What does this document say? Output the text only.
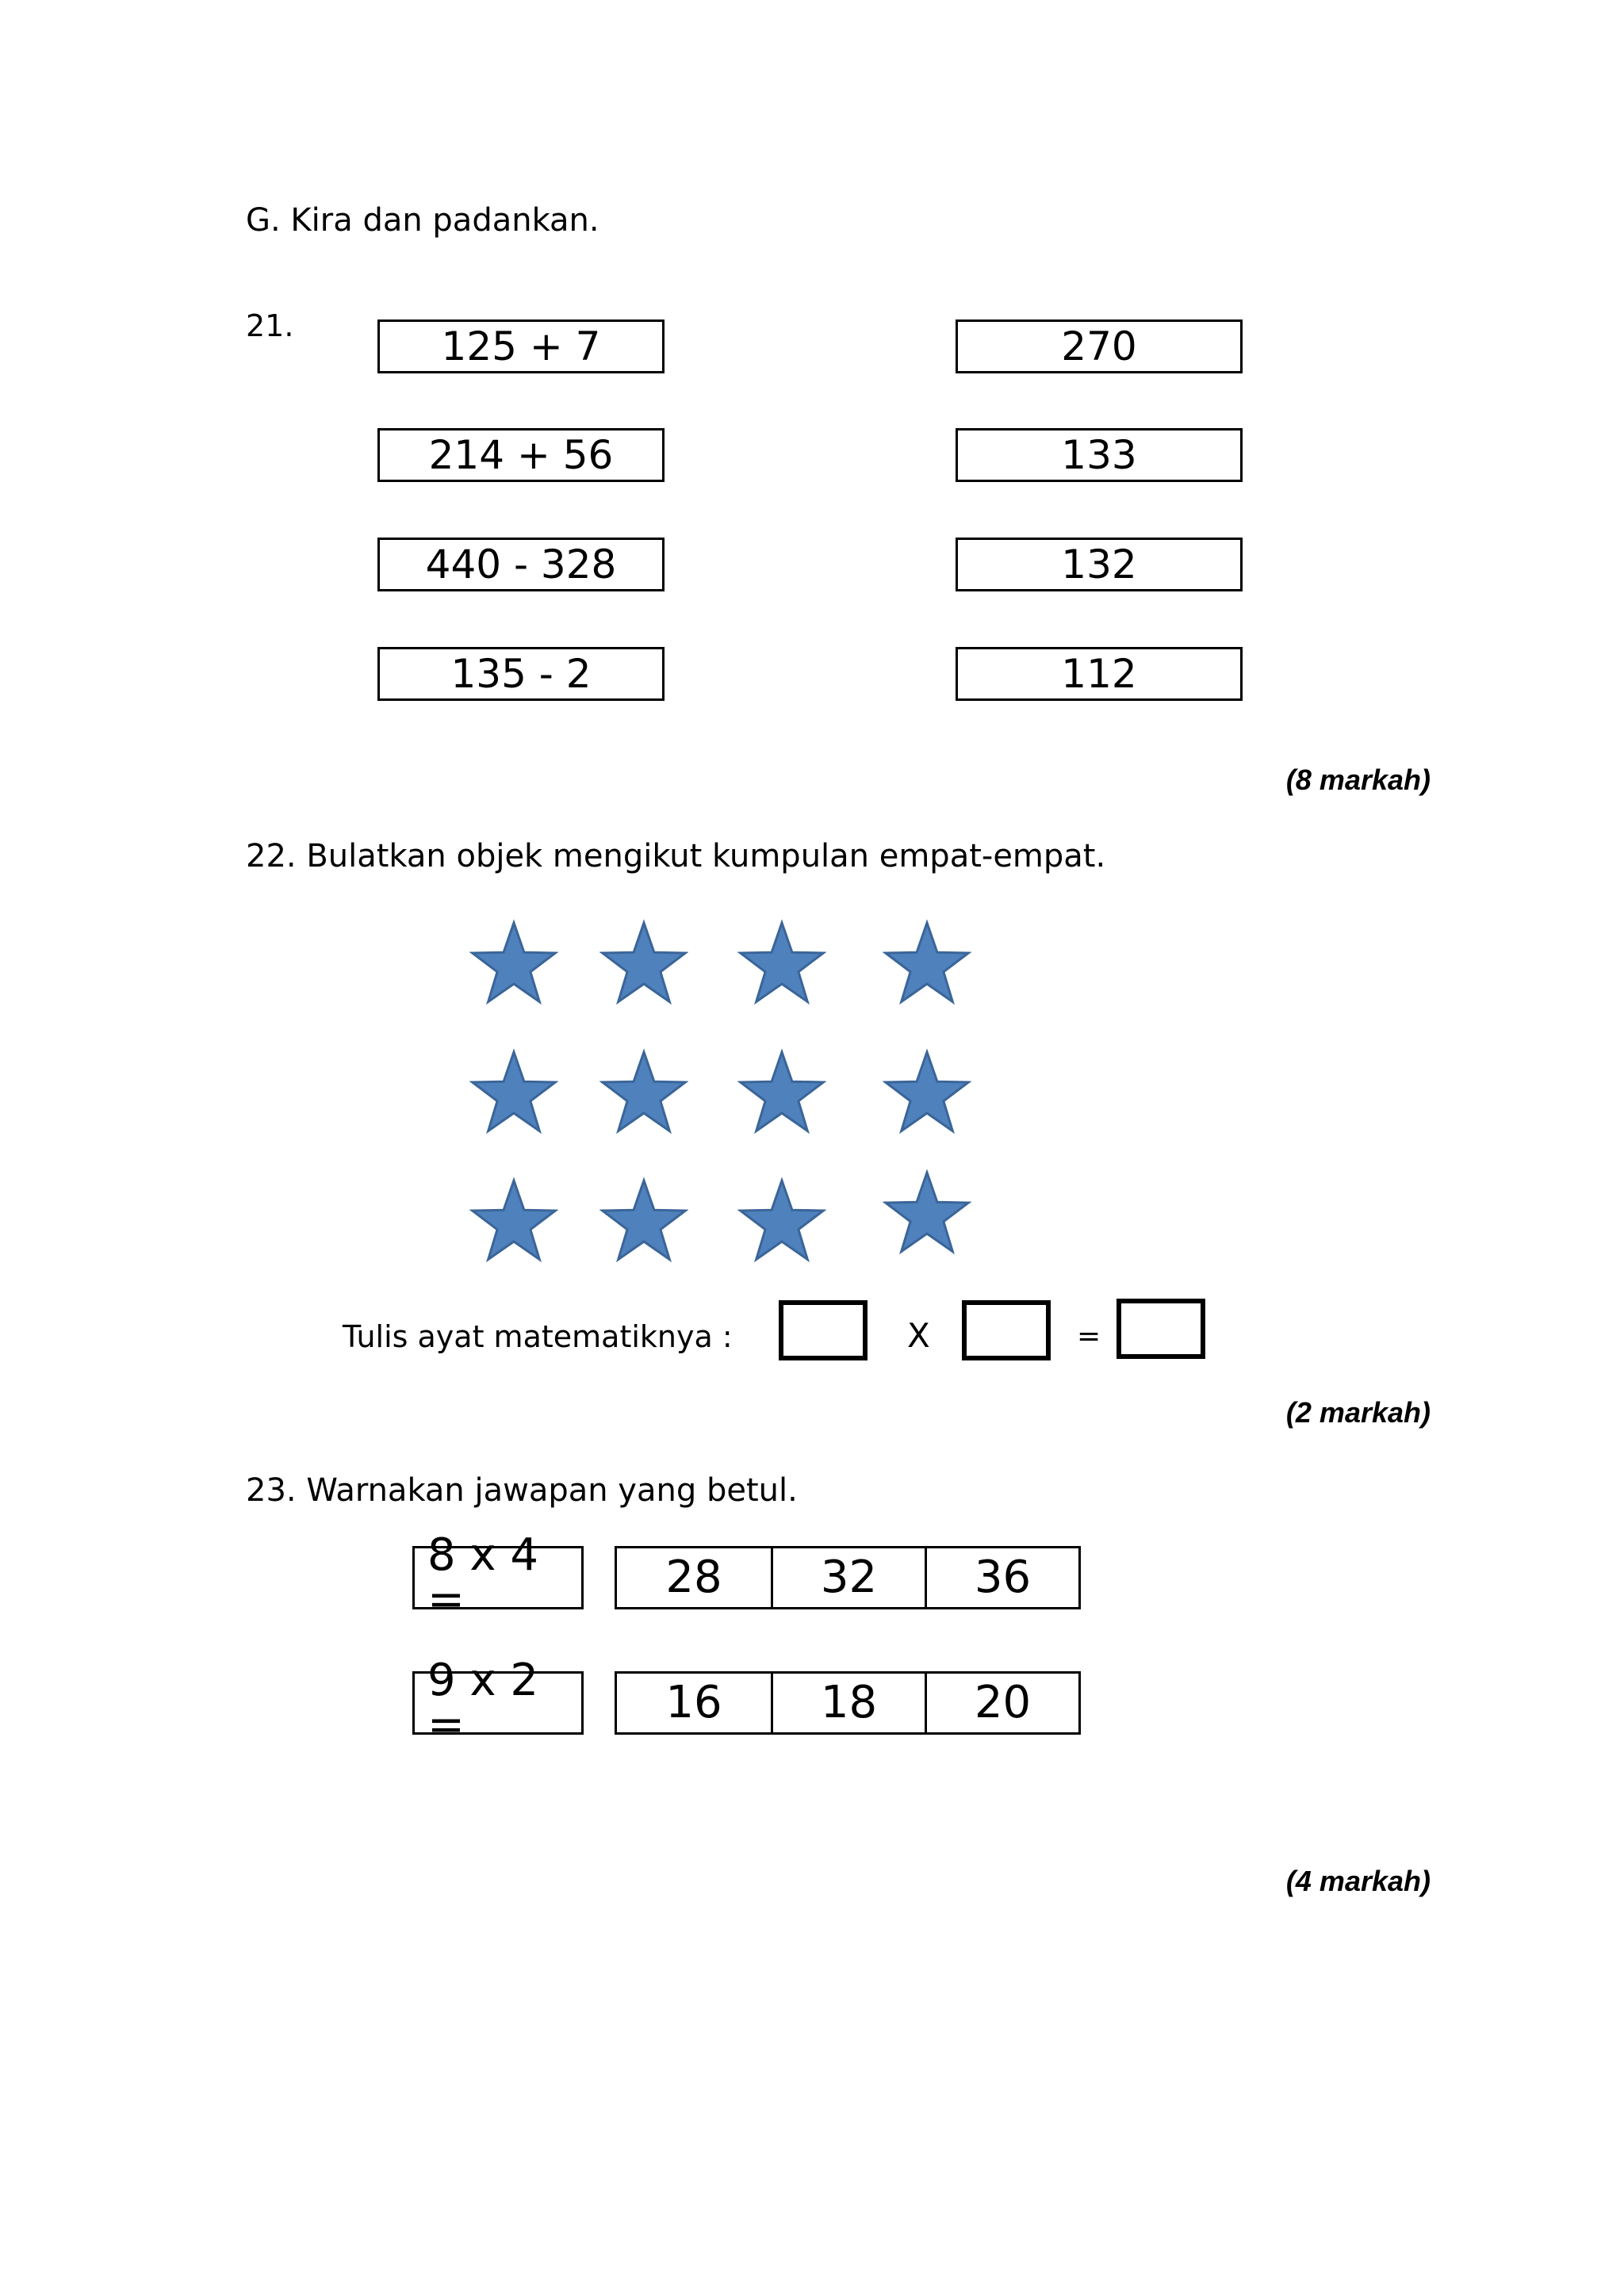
G. Kira dan padankan.
21.	125 + 7
214 + 56
440 - 328
135 - 2
270
133
132
112
(8 markah)
22. Bulatkan objek mengikut kumpulan empat-empat.
Tulis ayat matematiknya :	X	=
(2 markah)
23. Warnakan jawapan yang betul.
8 x 4 =	28	32	36
9 x 2 =	16	18	20
(4 markah)
